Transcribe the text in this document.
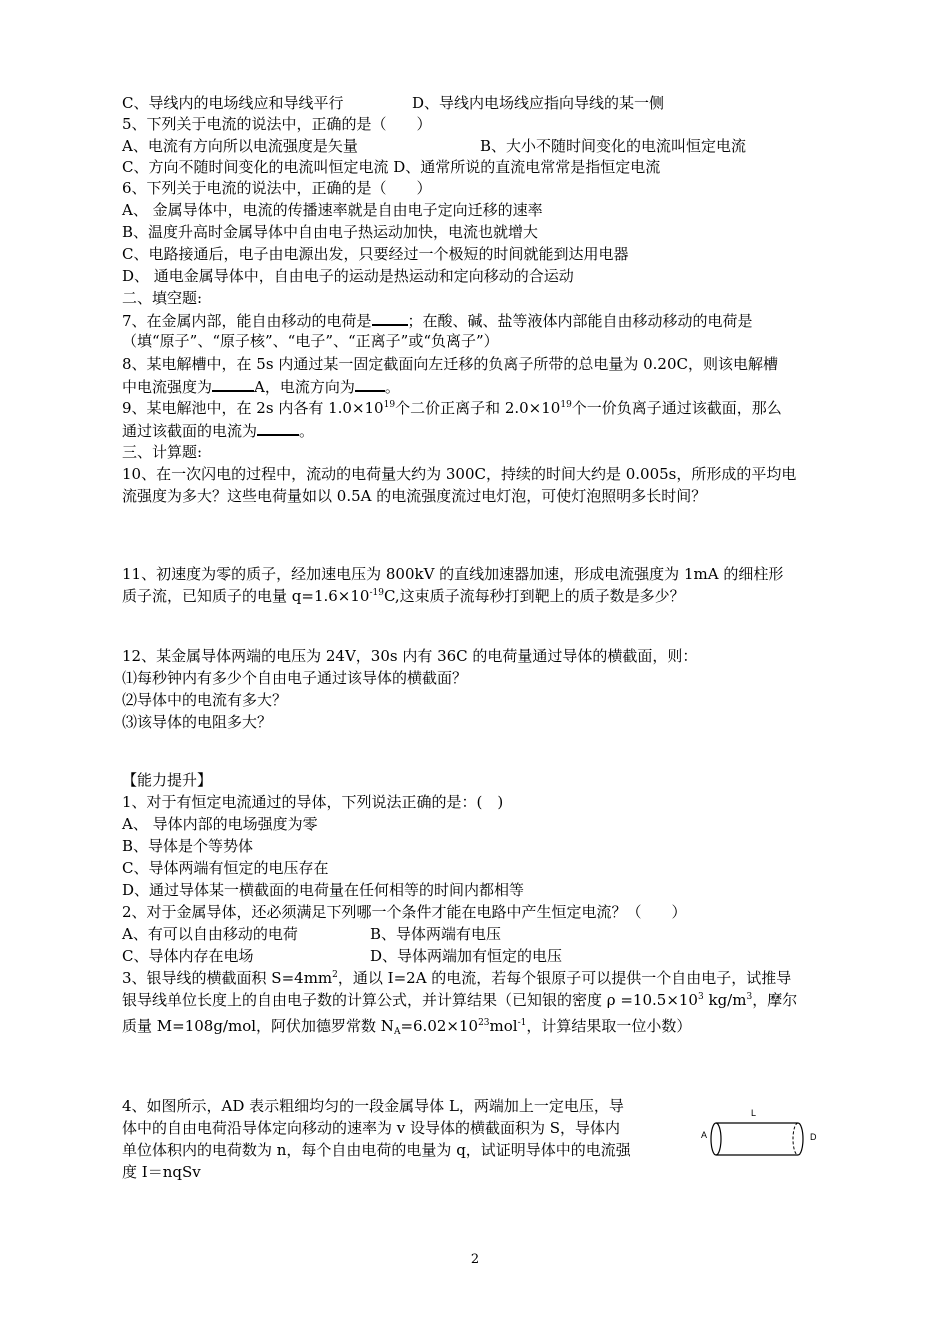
C、导线内的电场线应和导线平行	D、导线内电场线应指向导线的某一侧

5、下列关于电流的说法中，正确的是（　　）

A、电流有方向所以电流强度是矢量	B、大小不随时间变化的电流叫恒定电流

C、方向不随时间变化的电流叫恒定电流 D、通常所说的直流电常常是指恒定电流

6、下列关于电流的说法中，正确的是（　　）

A、 金属导体中，电流的传播速率就是自由电子定向迁移的速率

B、温度升高时金属导体中自由电子热运动加快，电流也就增大

C、电路接通后，电子由电源出发，只要经过一个极短的时间就能到达用电器

D、 通电金属导体中，自由电子的运动是热运动和定向移动的合运动

二、填空题:

7、在金属内部，能自由移动的电荷是 ；在酸、碱、盐等液体内部能自由移动移动的电荷是

（填“原子”、“原子核”、“电子”、“正离子”或“负离子”）

8、某电解槽中，在 5s 内通过某一固定截面向左迁移的负离子所带的总电量为 0.20C，则该电解槽

中电流强度为	A，电流方向为 。

9、某电解池中，在 2s 内各有 $1.0\times 10^{19}$个二价正离子和 $2.0\times 10^{19}$个一价负离子通过该截面，那么

通过该截面的电流为	。

三、计算题:

10、在一次闪电的过程中，流动的电荷量大约为 300C，持续的时间大约是 0.005s，所形成的平均电

流强度为多大？这些电荷量如以 0.5A 的电流强度流过电灯泡，可使灯泡照明多长时间？

11、初速度为零的质子，经加速电压为 800kV 的直线加速器加速，形成电流强度为 1mA 的细柱形

质子流，已知质子的电量 $q=1.6\times 10^{-19}C$,这束质子流每秒打到靶上的质子数是多少？

12、某金属导体两端的电压为 24V，30s 内有 36C 的电荷量通过导体的横截面，则：

⑴每秒钟内有多少个自由电子通过该导体的横截面？

⑵导体中的电流有多大？

⑶该导体的电阻多大？

【能力提升】

1、对于有恒定电流通过的导体，下列说法正确的是：(　)

A、 导体内部的电场强度为零

B、导体是个等势体

C、导体两端有恒定的电压存在

D、通过导体某一横截面的电荷量在任何相等的时间内都相等

2、对于金属导体，还必须满足下列哪一个条件才能在电路中产生恒定电流？（　　）

A、有可以自由移动的电荷	B、导体两端有电压

C、导体内存在电场	D、导体两端加有恒定的电压

3、银导线的横截面积 $S=4mm^2$，通以 I=2A 的电流，若每个银原子可以提供一个自由电子，试推导

银导线单位长度上的自由电子数的计算公式，并计算结果（已知银的密度 $\rho =10.5\times 10^3$ $kg/m^3$，摩尔

质量 M=108g/mol，阿伏加德罗常数 $N_A=6.02\times 10^{23}mol^{-1}$，计算结果取一位小数）

4、如图所示，AD 表示粗细均匀的一段金属导体 L，两端加上一定电压，导

体中的自由电荷沿导体定向移动的速率为 v 设导体的横截面积为 S，导体内

单位体积内的电荷数为 n，每个自由电荷的电量为 q，试证明导体中的电流强

度 I＝nqSv

L
A	D
2
